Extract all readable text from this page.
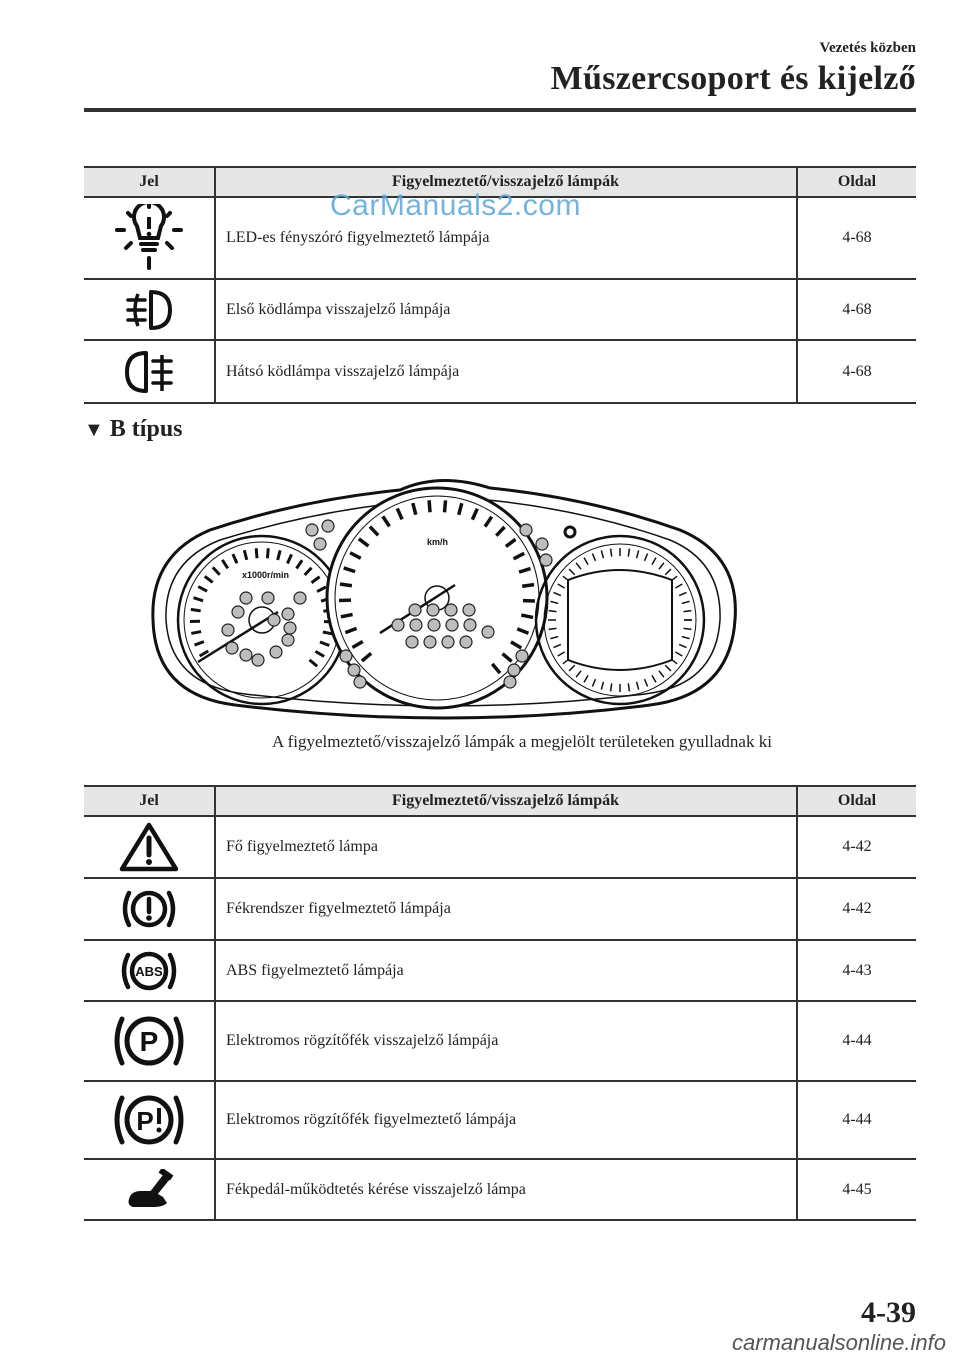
Vezetés közben
Műszercsoport és kijelző
Jel	Figyelmeztető/visszajelző lámpák	Oldal

	LED-es fényszóró figyelmeztető lámpája	4-68

	Első ködlámpa visszajelző lámpája	4-68

	Hátsó ködlámpa visszajelző lámpája	4-68
CarManuals2.com
▼ B típus
x1000r/min
km/h
A figyelmeztető/visszajelző lámpák a megjelölt területeken gyulladnak ki
Jel	Figyelmeztető/visszajelző lámpák	Oldal

	Fő figyelmeztető lámpa	4-42

	Fékrendszer figyelmeztető lámpája	4-42

ABS	ABS figyelmeztető lámpája	4-43

P	Elektromos rögzítőfék visszajelző lámpája	4-44

P	Elektromos rögzítőfék figyelmeztető lámpája	4-44

	Fékpedál-működtetés kérése visszajelző lámpa	4-45
4-39
carmanualsonline.info
